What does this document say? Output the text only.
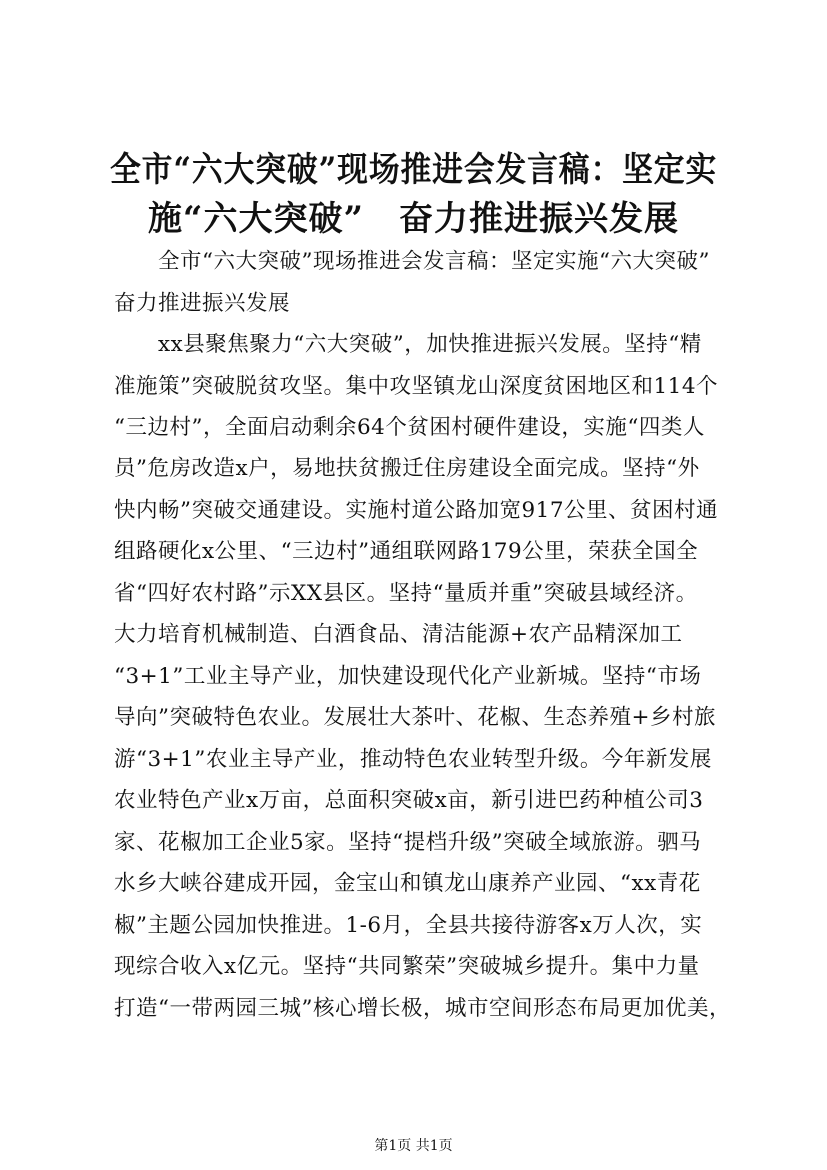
全市“六大突破”现场推进会发言稿：坚定实
施“六大突破”　奋力推进振兴发展
　　全市“六大突破”现场推进会发言稿：坚定实施“六大突破”
奋力推进振兴发展
　　xx县聚焦聚力“六大突破”，加快推进振兴发展。坚持“精
准施策”突破脱贫攻坚。集中攻坚镇龙山深度贫困地区和114个
“三边村”，全面启动剩余64个贫困村硬件建设，实施“四类人
员”危房改造x户，易地扶贫搬迁住房建设全面完成。坚持“外
快内畅”突破交通建设。实施村道公路加宽917公里、贫困村通
组路硬化x公里、“三边村”通组联网路179公里，荣获全国全
省“四好农村路”示XX县区。坚持“量质并重”突破县域经济。
大力培育机械制造、白酒食品、清洁能源+农产品精深加工
“3+1”工业主导产业，加快建设现代化产业新城。坚持“市场
导向”突破特色农业。发展壮大茶叶、花椒、生态养殖+乡村旅
游“3+1”农业主导产业，推动特色农业转型升级。今年新发展
农业特色产业x万亩，总面积突破x亩，新引进巴药种植公司3
家、花椒加工企业5家。坚持“提档升级”突破全域旅游。驷马
水乡大峡谷建成开园，金宝山和镇龙山康养产业园、“xx青花
椒”主题公园加快推进。1-6月，全县共接待游客x万人次，实
现综合收入x亿元。坚持“共同繁荣”突破城乡提升。集中力量
打造“一带两园三城”核心增长极，城市空间形态布局更加优美，
第1页 共1页
